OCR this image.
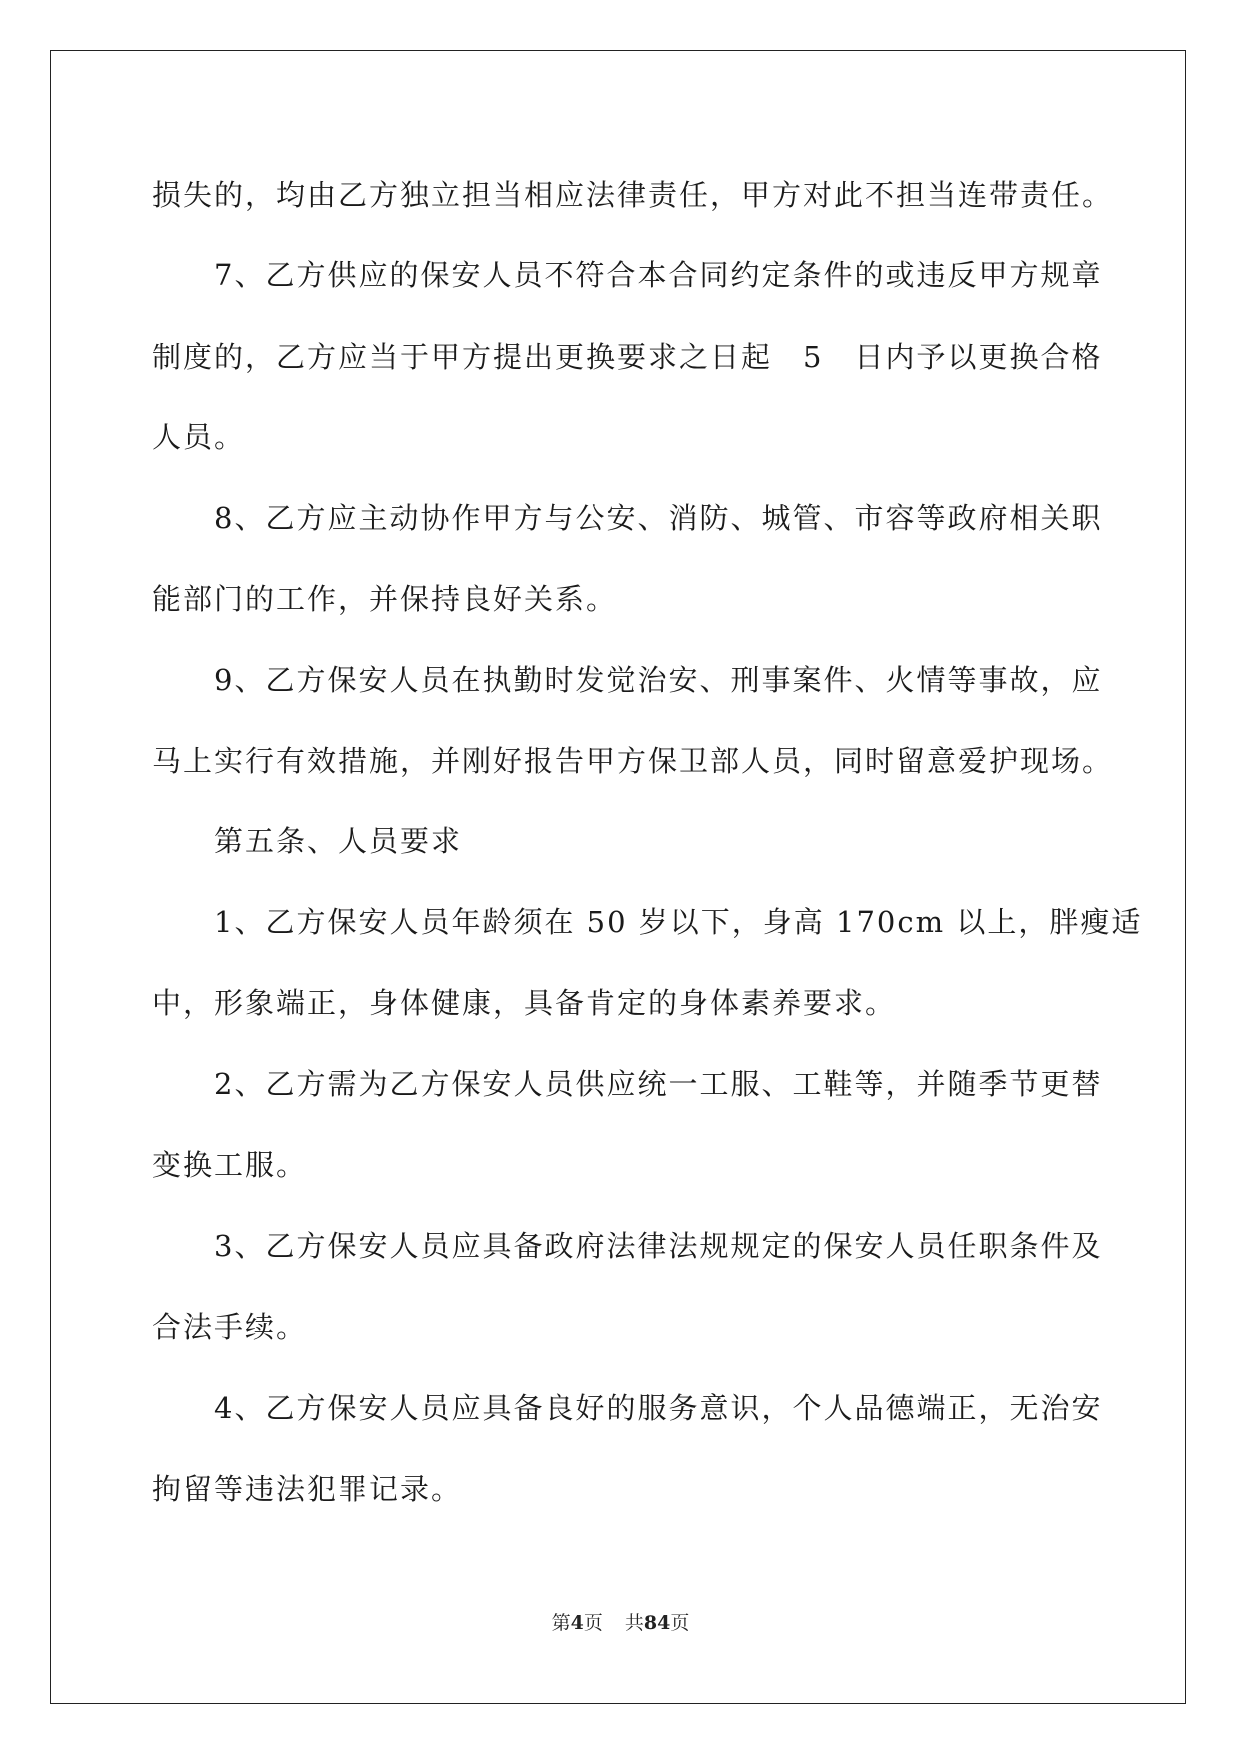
损失的，均由乙方独立担当相应法律责任，甲方对此不担当连带责任。
7、乙方供应的保安人员不符合本合同约定条件的或违反甲方规章
制度的，乙方应当于甲方提出更换要求之日起　5　日内予以更换合格
人员。
8、乙方应主动协作甲方与公安、消防、城管、市容等政府相关职
能部门的工作，并保持良好关系。
9、乙方保安人员在执勤时发觉治安、刑事案件、火情等事故，应
马上实行有效措施，并刚好报告甲方保卫部人员，同时留意爱护现场。
第五条、人员要求
1、乙方保安人员年龄须在 50 岁以下，身高 170cm 以上，胖瘦适
中，形象端正，身体健康，具备肯定的身体素养要求。
2、乙方需为乙方保安人员供应统一工服、工鞋等，并随季节更替
变换工服。
3、乙方保安人员应具备政府法律法规规定的保安人员任职条件及
合法手续。
4、乙方保安人员应具备良好的服务意识，个人品德端正，无治安
拘留等违法犯罪记录。
第4页 共84页
